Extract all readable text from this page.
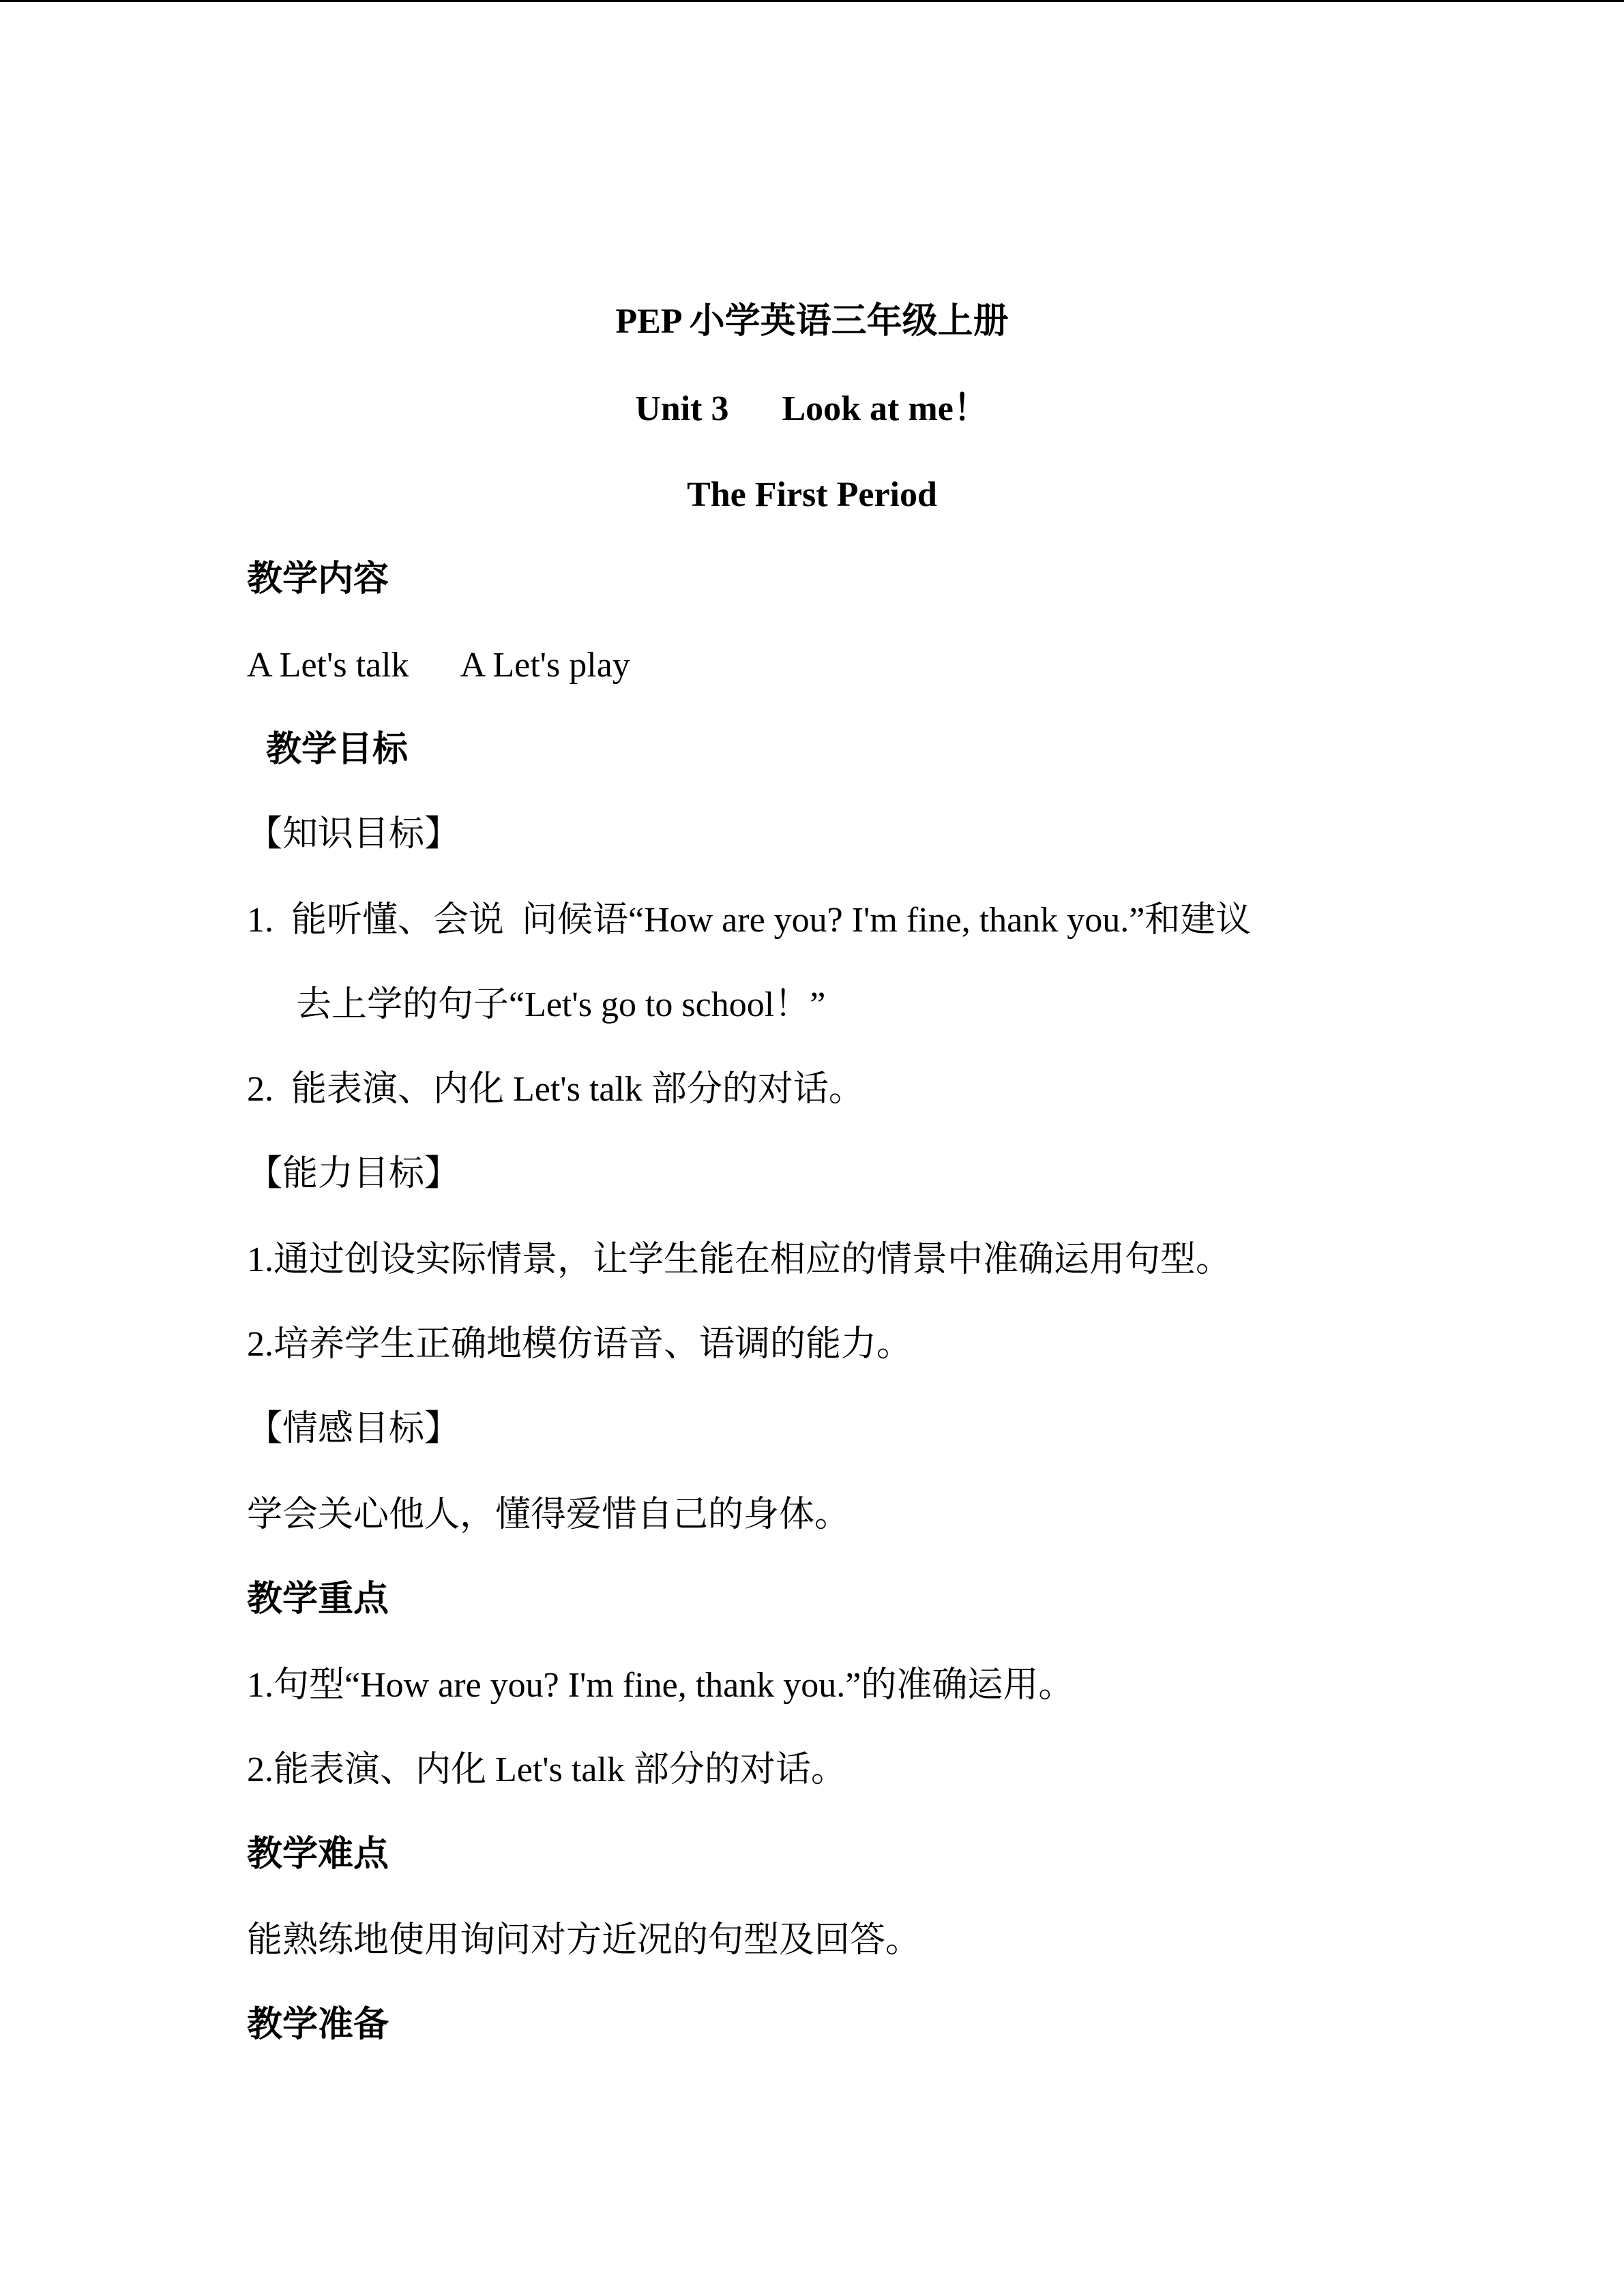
PEP 小学英语三年级上册
Unit 3      Look at me！
The First Period
教学内容
A Let's talk      A Let's play
教学目标
【知识目标】
1.  能听懂、会说  问候语“How are you? I'm fine, thank you.”和建议
去上学的句子“Let's go to school！”
2.  能表演、内化 Let's talk 部分的对话。
【能力目标】
1.通过创设实际情景，让学生能在相应的情景中准确运用句型。
2.培养学生正确地模仿语音、语调的能力。
【情感目标】
学会关心他人，懂得爱惜自己的身体。
教学重点
1.句型“How are you? I'm fine, thank you.”的准确运用。
2.能表演、内化 Let's talk 部分的对话。
教学难点
能熟练地使用询问对方近况的句型及回答。
教学准备
